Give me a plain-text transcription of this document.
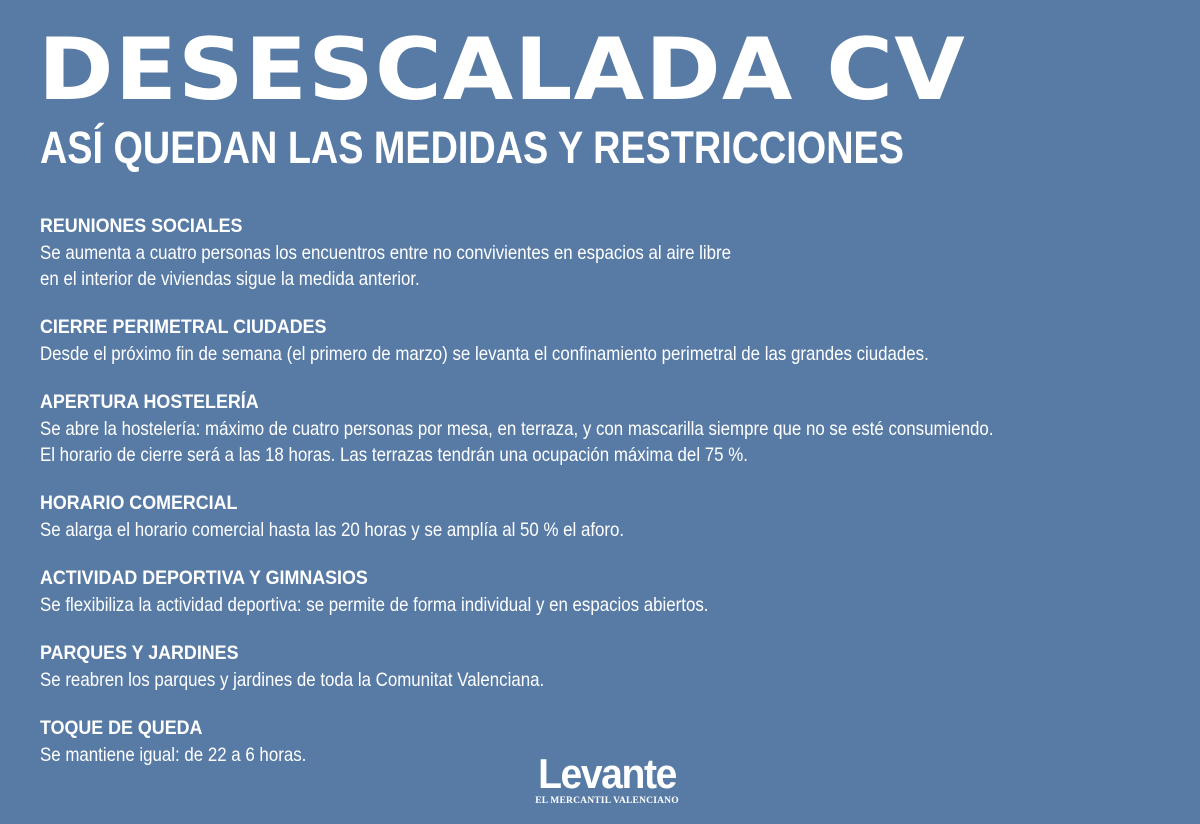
DESESCALADA CV
ASÍ QUEDAN LAS MEDIDAS Y RESTRICCIONES
REUNIONES SOCIALES
Se aumenta a cuatro personas los encuentros entre no convivientes en espacios al aire libre
en el interior de viviendas sigue la medida anterior.
CIERRE PERIMETRAL CIUDADES
Desde el próximo fin de semana (el primero de marzo) se levanta el confinamiento perimetral de las grandes ciudades.
APERTURA HOSTELERÍA
Se abre la hostelería: máximo de cuatro personas por mesa, en terraza, y con mascarilla siempre que no se esté consumiendo.
El horario de cierre será a las 18 horas. Las terrazas tendrán una ocupación máxima del 75 %.
HORARIO COMERCIAL
Se alarga el horario comercial hasta las 20 horas y se amplía al 50 % el aforo.
ACTIVIDAD DEPORTIVA Y GIMNASIOS
Se flexibiliza la actividad deportiva: se permite de forma individual y en espacios abiertos.
PARQUES Y JARDINES
Se reabren los parques y jardines de toda la Comunitat Valenciana.
TOQUE DE QUEDA
Se mantiene igual: de 22 a 6 horas.	Levante
EL MERCANTIL VALENCIANO
